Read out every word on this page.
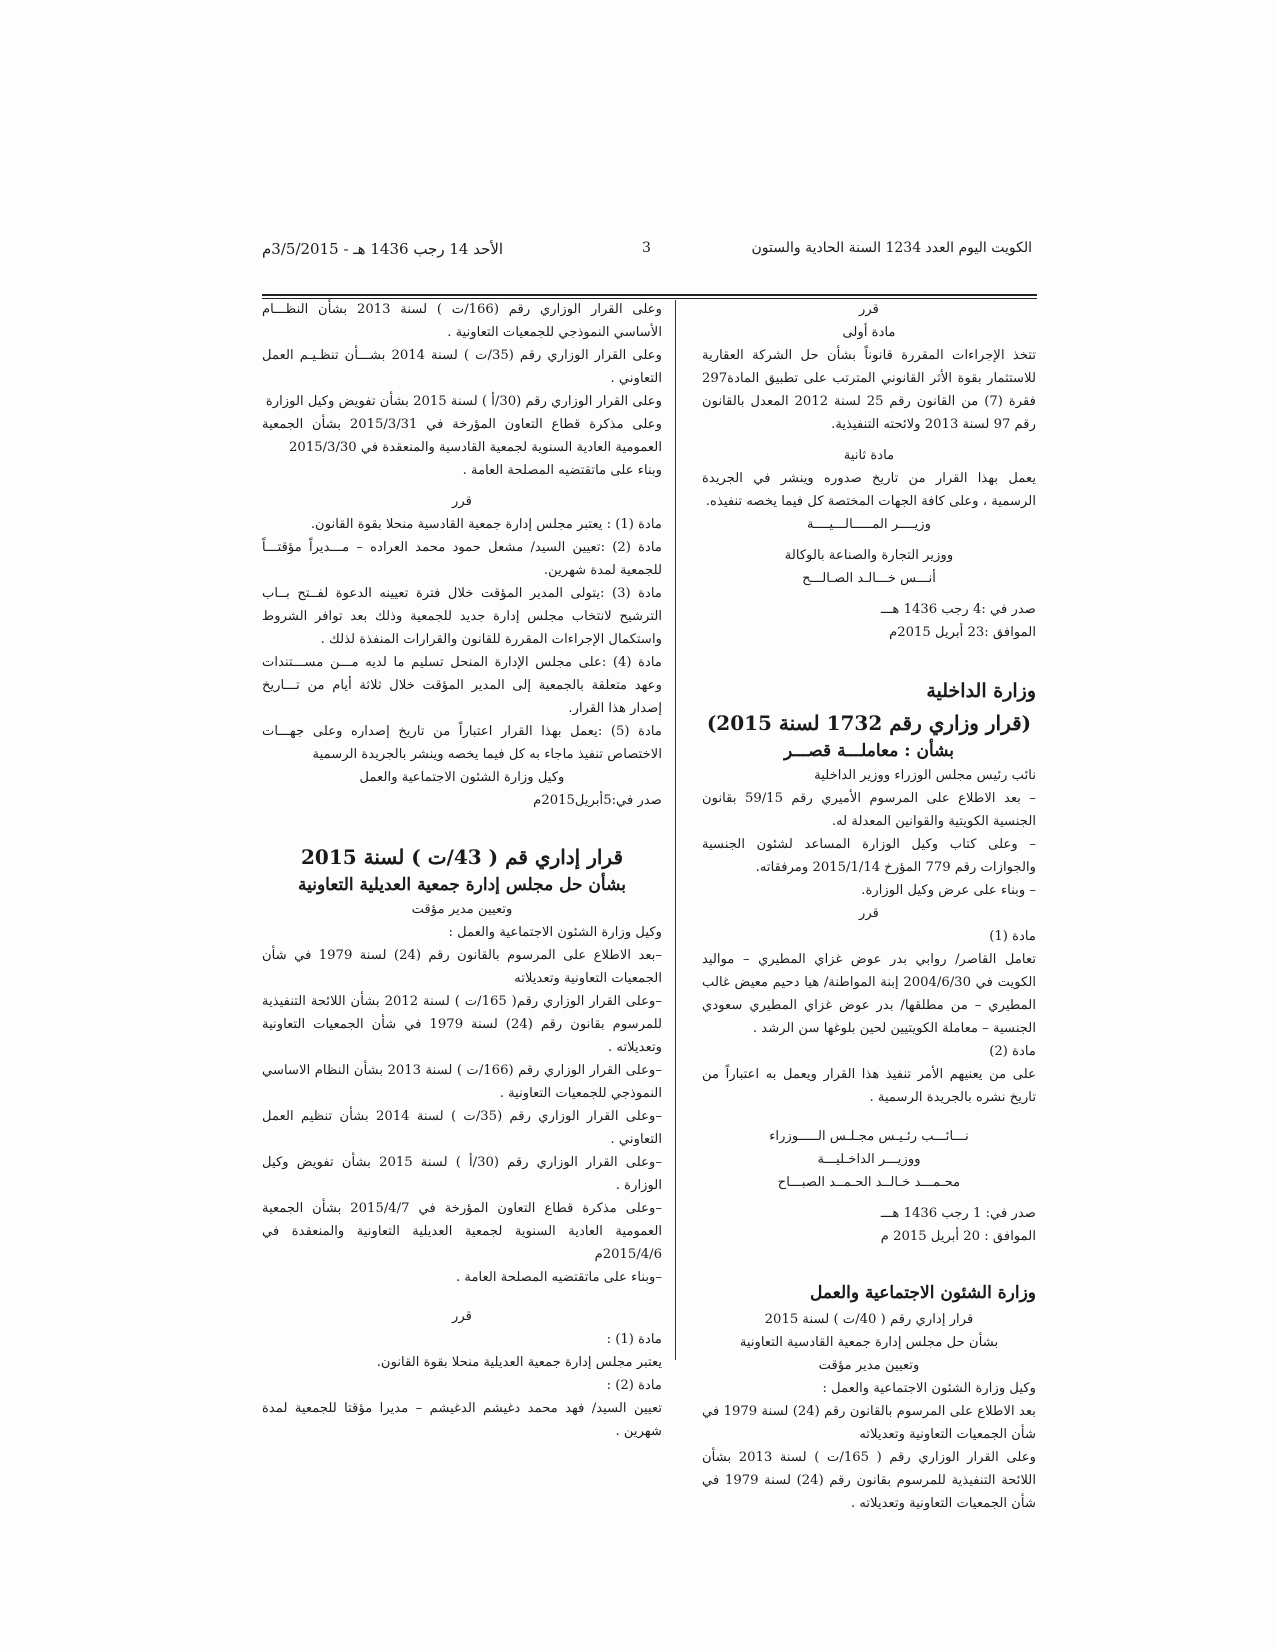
الكويت اليوم العدد 1234 السنة الحادية والستون
3
الأحد 14 رجب 1436 هـ - 3/5/2015م
قرر
مادة أولى
تتخذ الإجراءات المقررة قانوناً بشأن حل الشركة العقارية للاستثمار بقوة الأثر القانوني المترتب على تطبيق المادة297 فقرة (7) من القانون رقم 25 لسنة 2012 المعدل بالقانون رقم 97 لسنة 2013 ولائحته التنفيذية.
مادة ثانية
يعمل بهذا القرار من تاريخ صدوره وينشر في الجريدة الرسمية ، وعلى كافة الجهات المختصة كل فيما يخصه تنفيذه.
وزيــــر المـــــالـــيــــة
ووزير التجارة والصناعة بالوكالة
أنـــس خـــالـد الصـالـــح
صدر في :4 رجب 1436 هـــ
الموافق :23 أبريل 2015م
وزارة الداخلية
(قرار وزاري رقم 1732 لسنة 2015)
بشأن : معاملـــة قصـــر
نائب رئيس مجلس الوزراء ووزير الداخلية
– بعد الاطلاع على المرسوم الأميري رقم 59/15 بقانون الجنسية الكويتية والقوانين المعدلة له.
– وعلى كتاب وكيل الوزارة المساعد لشئون الجنسية والجوازات رقم 779 المؤرخ 2015/1/14 ومرفقاته.
– وبناء على عرض وكيل الوزارة.
قرر
مادة (1)
تعامل القاصر/ روابي بدر عوض غزاي المطيري – مواليد الكويت في 2004/6/30 إبنة المواطنة/ هيا دحيم معيض غالب المطيري – من مطلقها/ بدر عوض غزاي المطيري سعودي الجنسية – معاملة الكويتيين لحين بلوغها سن الرشد .
مادة (2)
على من يعنيهم الأمر تنفيذ هذا القرار ويعمل به اعتباراً من تاريخ نشره بالجريدة الرسمية .
نـــائـــب رئـيـس مجـلـس الـــــوزراء
ووزيـــر الداخـليـــة
محـمـــد خـالــد الحـمــد الصبـــاح
صدر في: 1 رجب 1436 هـــ
الموافق : 20 أبريل 2015 م
وزارة الشئون الاجتماعية والعمل
قرار إداري رقم ( 40/ت ) لسنة 2015
بشأن حل مجلس إدارة جمعية القادسية التعاونية
وتعيين مدير مؤقت
وكيل وزارة الشئون الاجتماعية والعمل :
بعد الاطلاع على المرسوم بالقانون رقم (24) لسنة 1979 في شأن الجمعيات التعاونية وتعديلاته
وعلى القرار الوزاري رقم ( 165/ت ) لسنة 2013 بشأن اللائحة التنفيذية للمرسوم بقانون رقم (24) لسنة 1979 في شأن الجمعيات التعاونية وتعديلاته .
وعلى القرار الوزاري رقم (166/ت ) لسنة 2013 بشأن النظـــام الأساسي النموذجي للجمعيات التعاونية .
وعلى القرار الوزاري رقم (35/ت ) لسنة 2014 بشـــأن تنظـيـم العمل التعاوني .
وعلى القرار الوزاري رقم (30/أ ) لسنة 2015 بشأن تفويض وكيل الوزارة
وعلى مذكرة قطاع التعاون المؤرخة في 2015/3/31 بشأن الجمعية العمومية العادية السنوية لجمعية القادسية والمنعقدة في 2015/3/30
وبناء على ماتقتضيه المصلحة العامة .
قرر
مادة (1) : يعتبر مجلس إدارة جمعية القادسية منحلا بقوة القانون.
مادة (2) :تعيين السيد/ مشعل حمود محمد العراده – مـــديراً مؤقتـــاً للجمعية لمدة شهرين.
مادة (3) :يتولى المدير المؤقت خلال فترة تعيينه الدعوة لفــتح بــاب الترشيح لانتخاب مجلس إدارة جديد للجمعية وذلك بعد توافر الشروط واستكمال الإجراءات المقررة للقانون والقرارات المنفذة لذلك .
مادة (4) :على مجلس الإدارة المنحل تسليم ما لديه مـــن مســـتندات وعهد متعلقة بالجمعية إلى المدير المؤقت خلال ثلاثة أيام من تـــاريخ إصدار هذا القرار.
مادة (5) :يعمل بهذا القرار اعتباراً من تاريخ إصداره وعلى جهـــات الاختصاص تنفيذ ماجاء به كل فيما يخصه وينشر بالجريدة الرسمية
وكيل وزارة الشئون الاجتماعية والعمل
صدر في:5أبريل2015م
قرار إداري قم ( 43/ت ) لسنة 2015
بشأن حل مجلس إدارة جمعية العديلية التعاونية
وتعيين مدير مؤقت
وكيل وزارة الشئون الاجتماعية والعمل :
–بعد الاطلاع على المرسوم بالقانون رقم (24) لسنة 1979 في شأن الجمعيات التعاونية وتعديلاته
–وعلى القرار الوزاري رقم( 165/ت ) لسنة 2012 بشأن اللائحة التنفيذية للمرسوم بقانون رقم (24) لسنة 1979 في شأن الجمعيات التعاونية وتعديلاته .
–وعلى القرار الوزاري رقم (166/ت ) لسنة 2013 بشأن النظام الاساسي النموذجي للجمعيات التعاونية .
–وعلى القرار الوزاري رقم (35/ت ) لسنة 2014 بشأن تنظيم العمل التعاوني .
–وعلى القرار الوزاري رقم (30/أ ) لسنة 2015 بشأن تفويض وكيل الوزارة .
–وعلى مذكرة قطاع التعاون المؤرخة في 2015/4/7 بشأن الجمعية العمومية العادية السنوية لجمعية العديلية التعاونية والمنعقدة في 2015/4/6م
–وبناء على ماتقتضيه المصلحة العامة .
قرر
مادة (1) :
يعتبر مجلس إدارة جمعية العديلية منحلا بقوة القانون.
مادة (2) :
تعيين السيد/ فهد محمد دغيشم الدغيشم – مديرا مؤقتا للجمعية لمدة شهرين .
